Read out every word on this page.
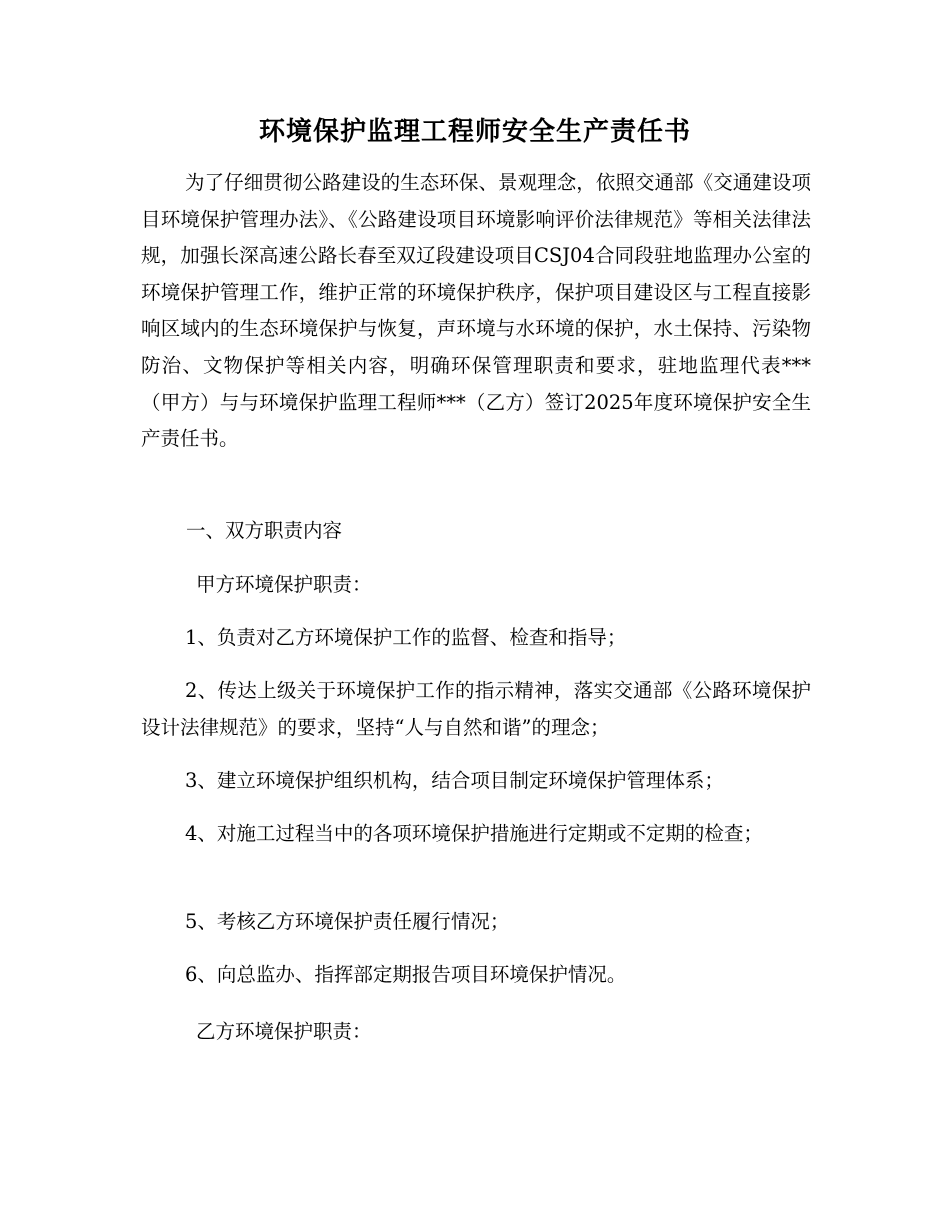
环境保护监理工程师安全生产责任书

为了仔细贯彻公路建设的生态环保、景观理念，依照交通部《交通建设项目环境保护管理办法》、《公路建设项目环境影响评价法律规范》等相关法律法规，加强长深高速公路长春至双辽段建设项目CSJ04合同段驻地监理办公室的环境保护管理工作，维护正常的环境保护秩序，保护项目建设区与工程直接影响区域内的生态环境保护与恢复，声环境与水环境的保护，水土保持、污染物防治、文物保护等相关内容，明确环保管理职责和要求，驻地监理代表***（甲方）与与环境保护监理工程师***（乙方）签订2025年度环境保护安全生产责任书。

一、双方职责内容

甲方环境保护职责：

1、负责对乙方环境保护工作的监督、检查和指导；

2、传达上级关于环境保护工作的指示精神，落实交通部《公路环境保护设计法律规范》的要求，坚持“人与自然和谐”的理念；

3、建立环境保护组织机构，结合项目制定环境保护管理体系；

4、对施工过程当中的各项环境保护措施进行定期或不定期的检查；

5、考核乙方环境保护责任履行情况；

6、向总监办、指挥部定期报告项目环境保护情况。

乙方环境保护职责：
